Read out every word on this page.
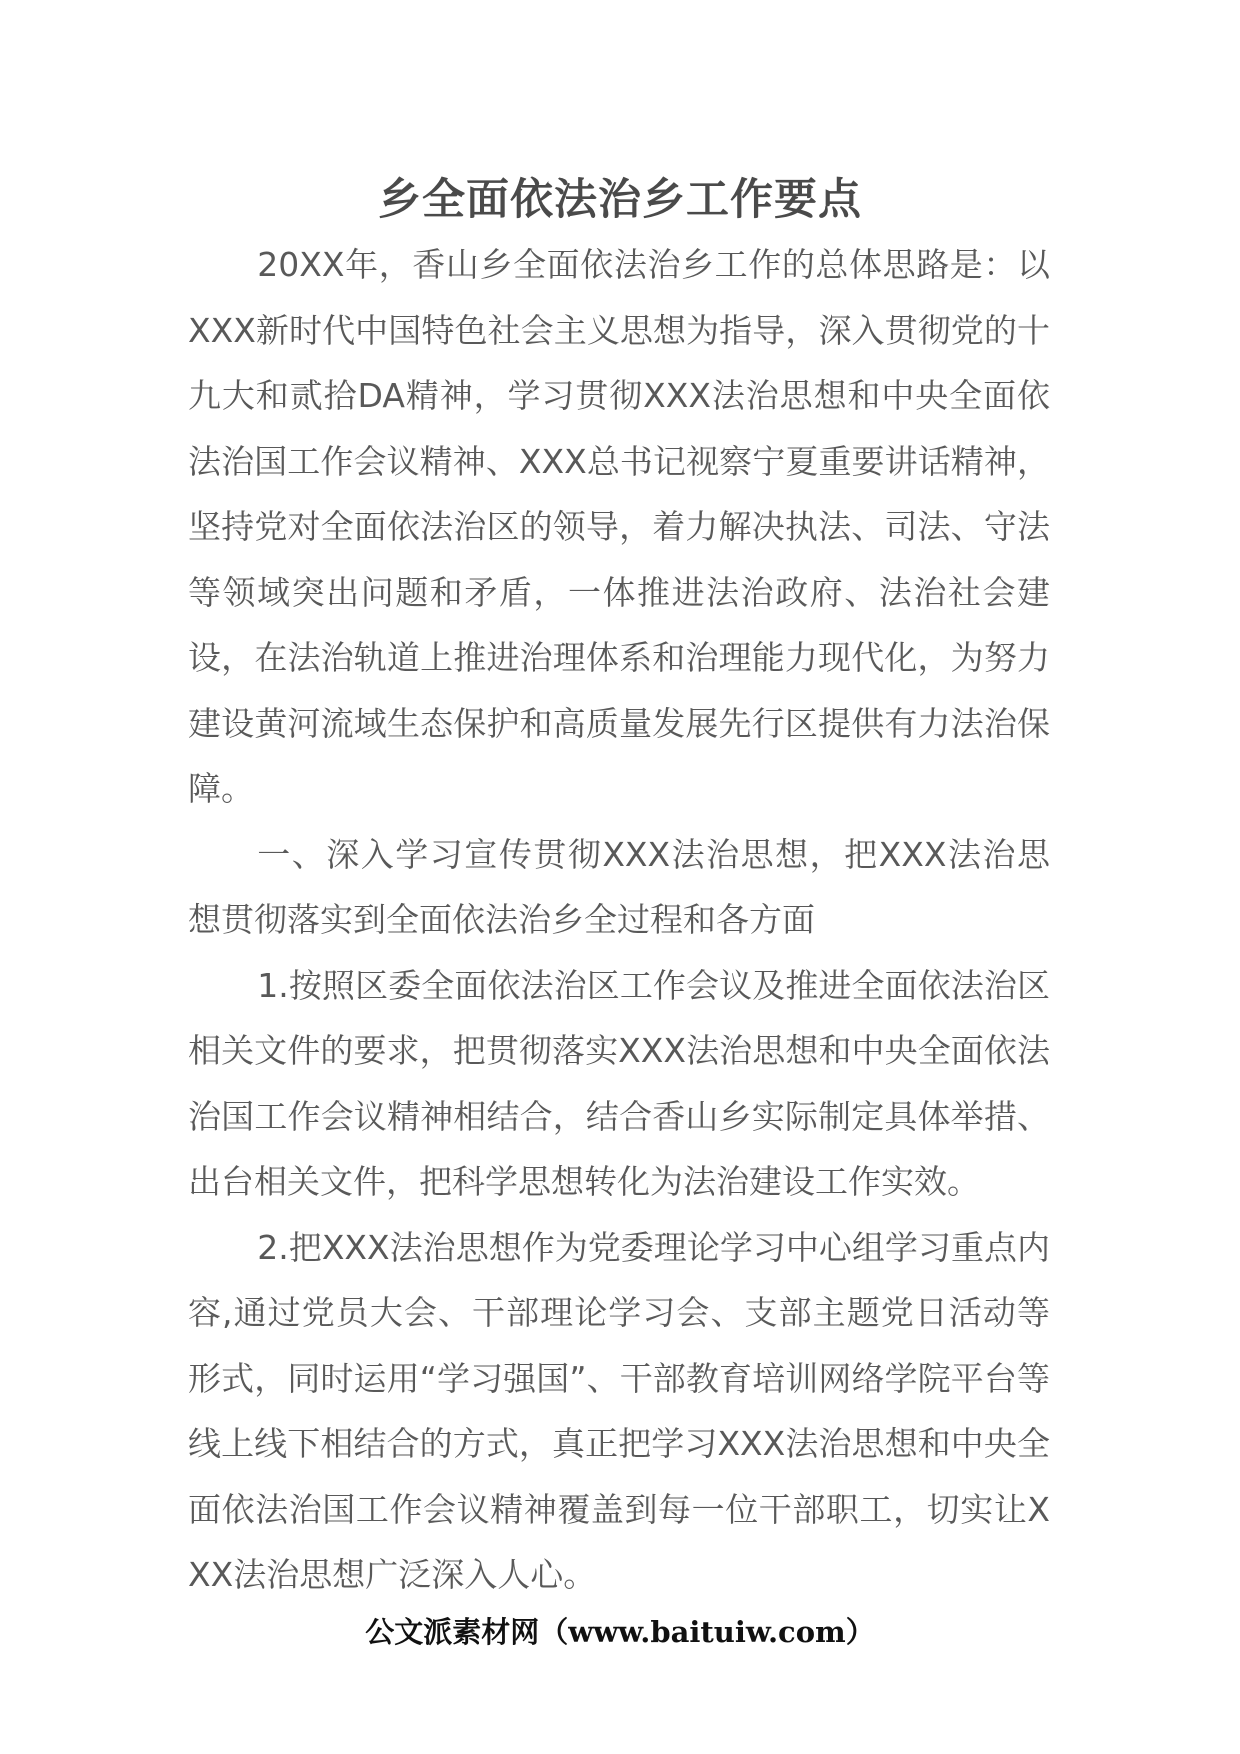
乡全面依法治乡工作要点

20XX年，香山乡全面依法治乡工作的总体思路是：以XXX新时代中国特色社会主义思想为指导，深入贯彻党的十九大和贰拾DA精神，学习贯彻XXX法治思想和中央全面依法治国工作会议精神、XXX总书记视察宁夏重要讲话精神，坚持党对全面依法治区的领导，着力解决执法、司法、守法等领域突出问题和矛盾，一体推进法治政府、法治社会建设，在法治轨道上推进治理体系和治理能力现代化，为努力建设黄河流域生态保护和高质量发展先行区提供有力法治保障。

一、深入学习宣传贯彻XXX法治思想，把XXX法治思想贯彻落实到全面依法治乡全过程和各方面

1.按照区委全面依法治区工作会议及推进全面依法治区相关文件的要求，把贯彻落实XXX法治思想和中央全面依法治国工作会议精神相结合，结合香山乡实际制定具体举措、出台相关文件，把科学思想转化为法治建设工作实效。

2.把XXX法治思想作为党委理论学习中心组学习重点内容,通过党员大会、干部理论学习会、支部主题党日活动等形式，同时运用“学习强国”、干部教育培训网络学院平台等线上线下相结合的方式，真正把学习XXX法治思想和中央全面依法治国工作会议精神覆盖到每一位干部职工，切实让XXX法治思想广泛深入人心。

公文派素材网（www.baituiw.com）
